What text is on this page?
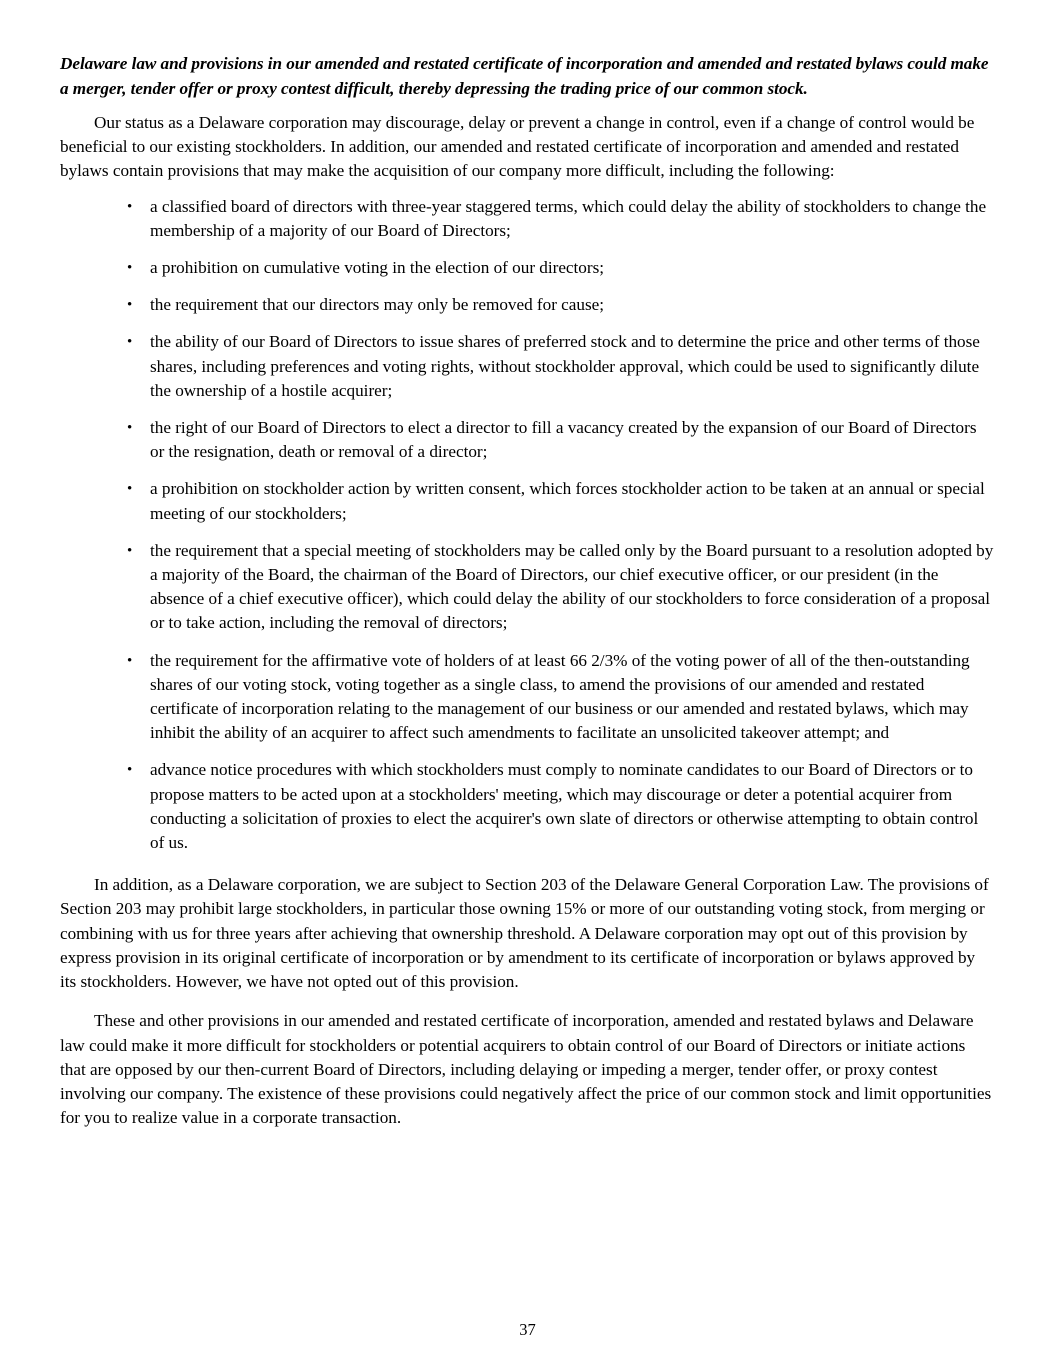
Delaware law and provisions in our amended and restated certificate of incorporation and amended and restated bylaws could make a merger, tender offer or proxy contest difficult, thereby depressing the trading price of our common stock.

Our status as a Delaware corporation may discourage, delay or prevent a change in control, even if a change of control would be beneficial to our existing stockholders. In addition, our amended and restated certificate of incorporation and amended and restated bylaws contain provisions that may make the acquisition of our company more difficult, including the following:

• a classified board of directors with three-year staggered terms, which could delay the ability of stockholders to change the membership of a majority of our Board of Directors;
• a prohibition on cumulative voting in the election of our directors;
• the requirement that our directors may only be removed for cause;
• the ability of our Board of Directors to issue shares of preferred stock and to determine the price and other terms of those shares, including preferences and voting rights, without stockholder approval, which could be used to significantly dilute the ownership of a hostile acquirer;
• the right of our Board of Directors to elect a director to fill a vacancy created by the expansion of our Board of Directors or the resignation, death or removal of a director;
• a prohibition on stockholder action by written consent, which forces stockholder action to be taken at an annual or special meeting of our stockholders;
• the requirement that a special meeting of stockholders may be called only by the Board pursuant to a resolution adopted by a majority of the Board, the chairman of the Board of Directors, our chief executive officer, or our president (in the absence of a chief executive officer), which could delay the ability of our stockholders to force consideration of a proposal or to take action, including the removal of directors;
• the requirement for the affirmative vote of holders of at least 66 2/3% of the voting power of all of the then-outstanding shares of our voting stock, voting together as a single class, to amend the provisions of our amended and restated certificate of incorporation relating to the management of our business or our amended and restated bylaws, which may inhibit the ability of an acquirer to affect such amendments to facilitate an unsolicited takeover attempt; and
• advance notice procedures with which stockholders must comply to nominate candidates to our Board of Directors or to propose matters to be acted upon at a stockholders' meeting, which may discourage or deter a potential acquirer from conducting a solicitation of proxies to elect the acquirer's own slate of directors or otherwise attempting to obtain control of us.

In addition, as a Delaware corporation, we are subject to Section 203 of the Delaware General Corporation Law. The provisions of Section 203 may prohibit large stockholders, in particular those owning 15% or more of our outstanding voting stock, from merging or combining with us for three years after achieving that ownership threshold. A Delaware corporation may opt out of this provision by express provision in its original certificate of incorporation or by amendment to its certificate of incorporation or bylaws approved by its stockholders. However, we have not opted out of this provision.

These and other provisions in our amended and restated certificate of incorporation, amended and restated bylaws and Delaware law could make it more difficult for stockholders or potential acquirers to obtain control of our Board of Directors or initiate actions that are opposed by our then-current Board of Directors, including delaying or impeding a merger, tender offer, or proxy contest involving our company. The existence of these provisions could negatively affect the price of our common stock and limit opportunities for you to realize value in a corporate transaction.

37
